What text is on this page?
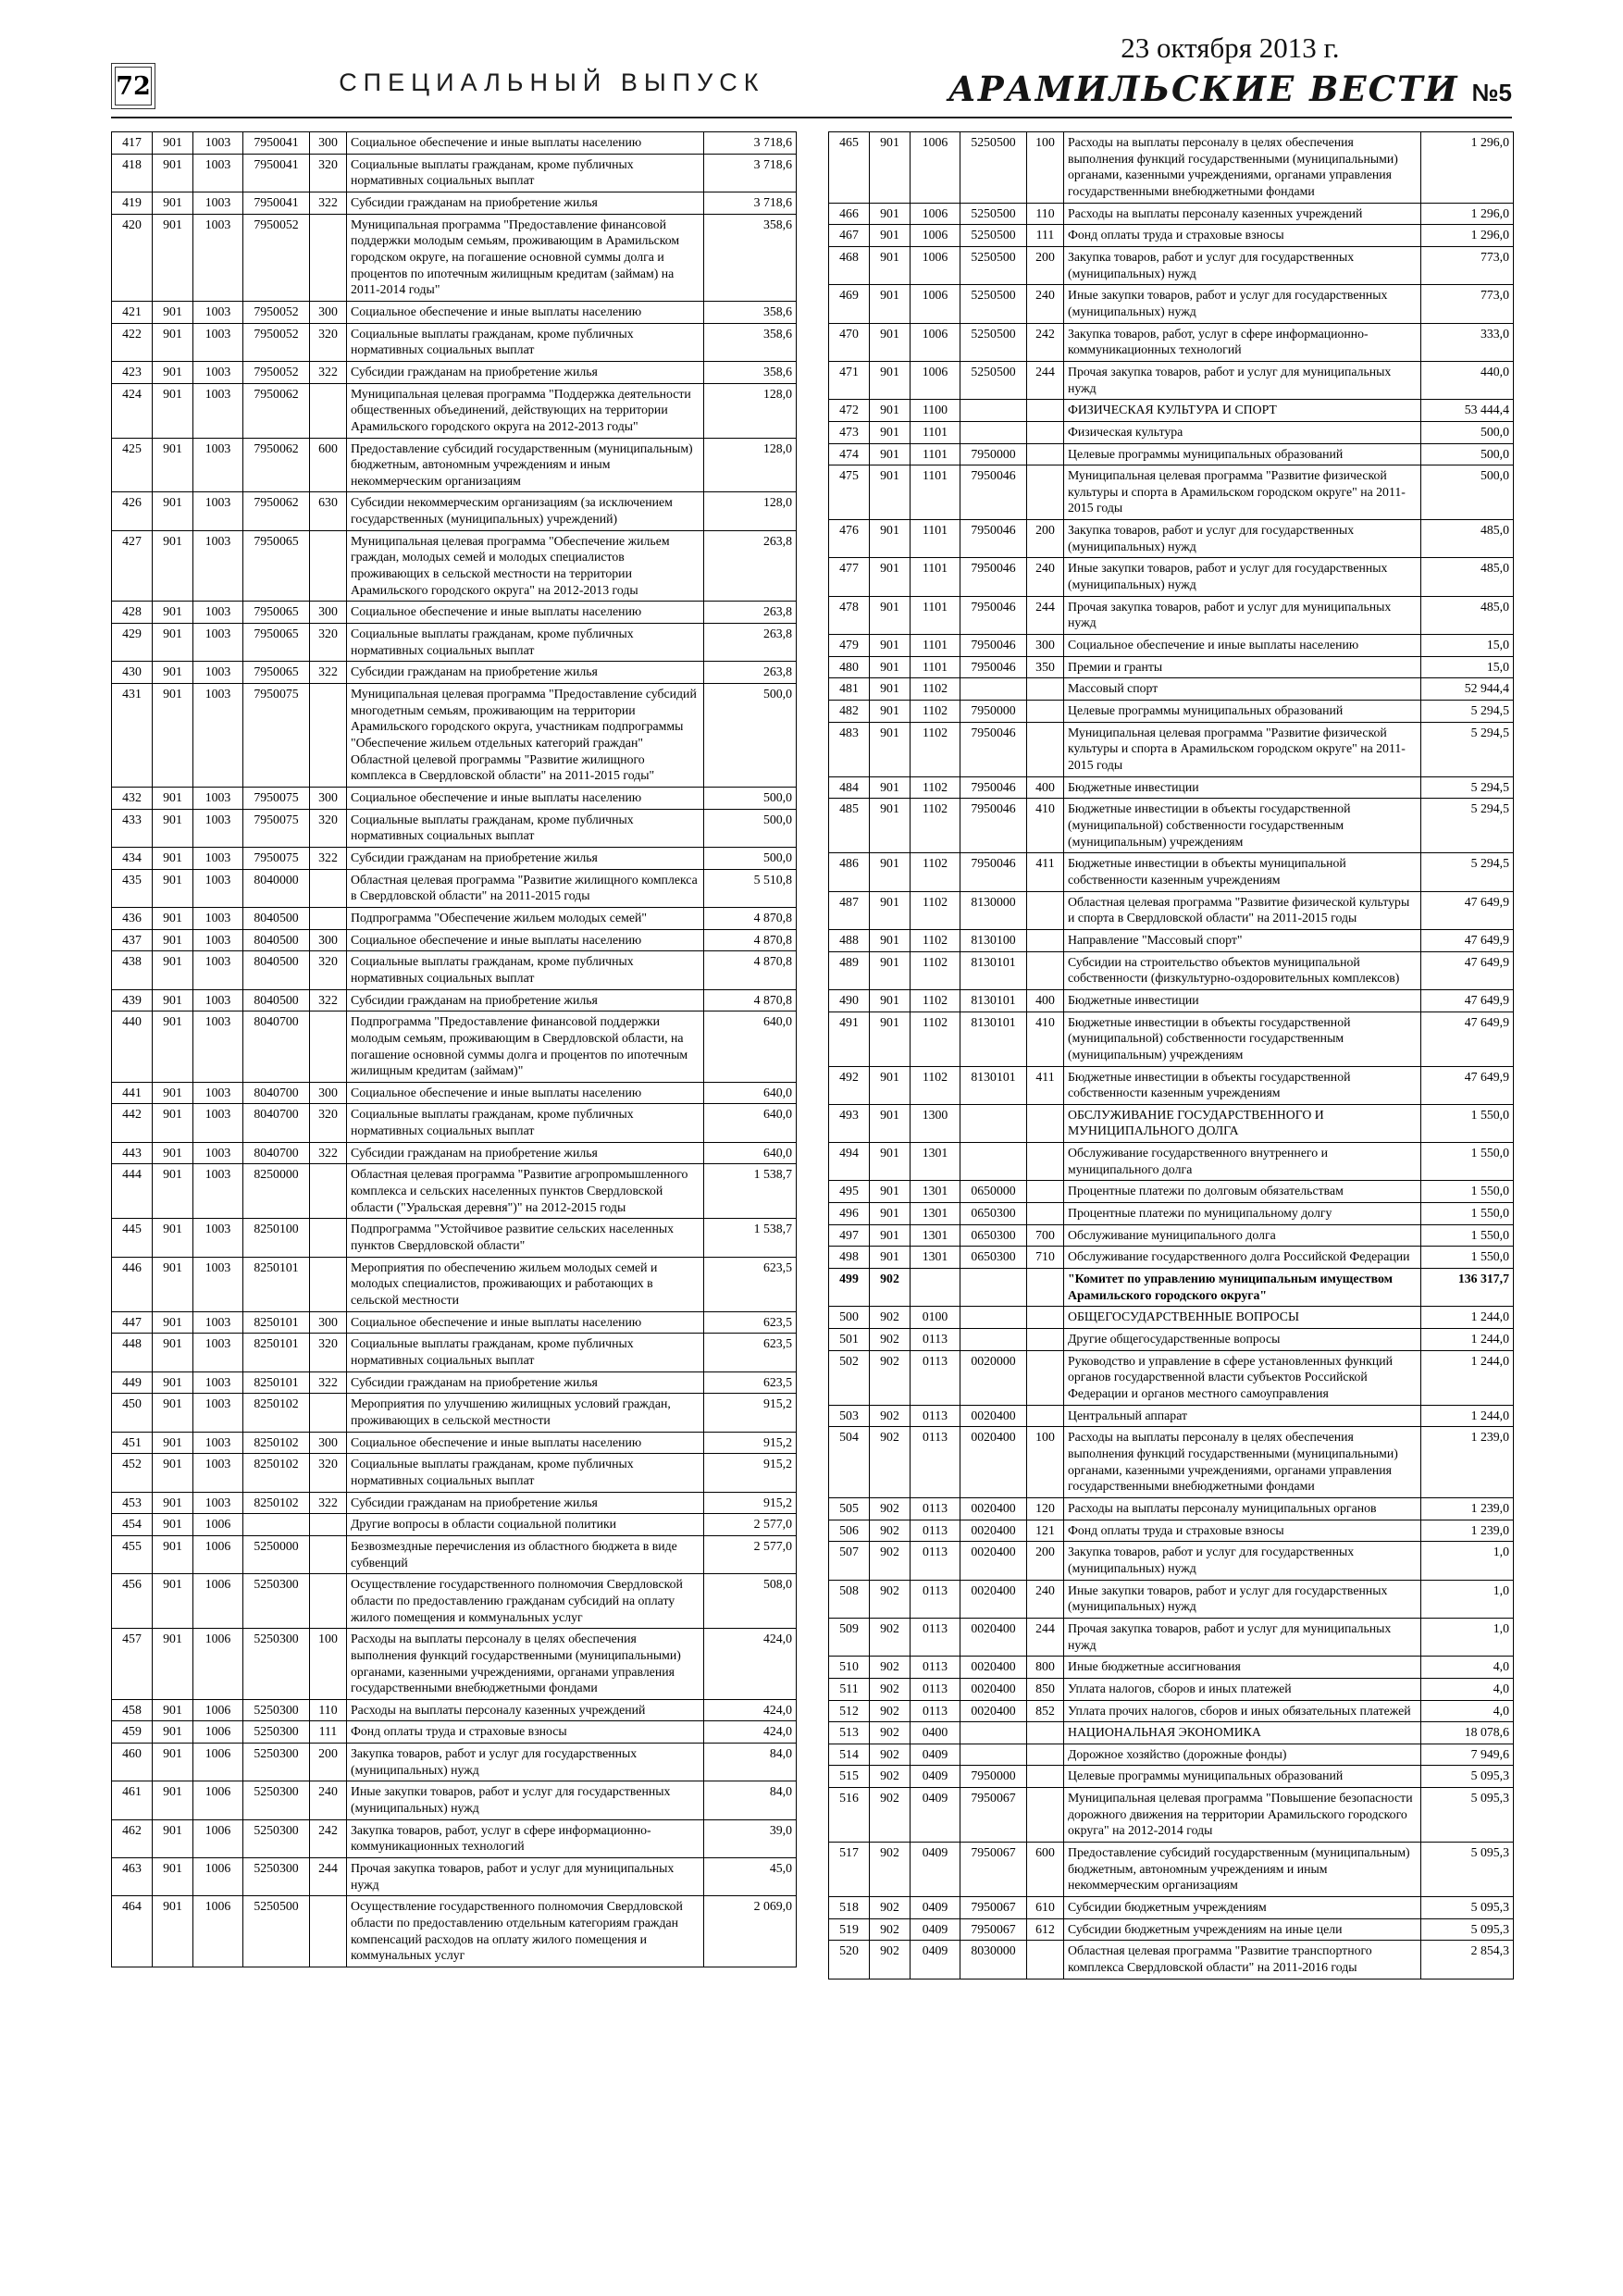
72	СПЕЦИАЛЬНЫЙ ВЫПУСК
23 октября 2013 г.
АРАМИЛЬСКИЕ ВЕСТИ №5
417	901	1003	7950041	300	Социальное обеспечение и иные выплаты населению	3 718,6
418	901	1003	7950041	320	Социальные выплаты гражданам, кроме публичных нормативных социальных выплат	3 718,6
419	901	1003	7950041	322	Субсидии гражданам на приобретение жилья	3 718,6
420	901	1003	7950052		Муниципальная программа "Предоставление финансовой поддержки молодым семьям, проживающим в Арамильском городском округе, на погашение основной суммы долга и процентов по ипотечным жилищным кредитам (займам) на 2011-2014 годы"	358,6
421	901	1003	7950052	300	Социальное обеспечение и иные выплаты населению	358,6
422	901	1003	7950052	320	Социальные выплаты гражданам, кроме публичных нормативных социальных выплат	358,6
423	901	1003	7950052	322	Субсидии гражданам на приобретение жилья	358,6
424	901	1003	7950062		Муниципальная целевая программа "Поддержка деятельности общественных объединений, действующих на территории Арамильского городского округа на 2012-2013 годы"	128,0
425	901	1003	7950062	600	Предоставление субсидий государственным (муниципальным) бюджетным, автономным учреждениям и иным некоммерческим организациям	128,0
426	901	1003	7950062	630	Субсидии некоммерческим организациям (за исключением государственных (муниципальных) учреждений)	128,0
427	901	1003	7950065		Муниципальная целевая программа "Обеспечение жильем граждан, молодых семей и молодых специалистов проживающих в сельской местности на территории Арамильского городского округа" на 2012-2013 годы	263,8
428	901	1003	7950065	300	Социальное обеспечение и иные выплаты населению	263,8
429	901	1003	7950065	320	Социальные выплаты гражданам, кроме публичных нормативных социальных выплат	263,8
430	901	1003	7950065	322	Субсидии гражданам на приобретение жилья	263,8
431	901	1003	7950075		Муниципальная целевая программа "Предоставление субсидий многодетным семьям, проживающим на территории Арамильского городского округа, участникам подпрограммы "Обеспечение жильем отдельных категорий граждан" Областной целевой программы "Развитие жилищного комплекса в Свердловской области" на 2011-2015 годы"	500,0
432	901	1003	7950075	300	Социальное обеспечение и иные выплаты населению	500,0
433	901	1003	7950075	320	Социальные выплаты гражданам, кроме публичных нормативных социальных выплат	500,0
434	901	1003	7950075	322	Субсидии гражданам на приобретение жилья	500,0
435	901	1003	8040000		Областная целевая программа "Развитие жилищного комплекса в Свердловской области" на 2011-2015 годы	5 510,8
436	901	1003	8040500		Подпрограмма "Обеспечение жильем молодых семей"	4 870,8
437	901	1003	8040500	300	Социальное обеспечение и иные выплаты населению	4 870,8
438	901	1003	8040500	320	Социальные выплаты гражданам, кроме публичных нормативных социальных выплат	4 870,8
439	901	1003	8040500	322	Субсидии гражданам на приобретение жилья	4 870,8
440	901	1003	8040700		Подпрограмма "Предоставление финансовой поддержки молодым семьям, проживающим в Свердловской области, на погашение основной суммы долга и процентов по ипотечным жилищным кредитам (займам)"	640,0
441	901	1003	8040700	300	Социальное обеспечение и иные выплаты населению	640,0
442	901	1003	8040700	320	Социальные выплаты гражданам, кроме публичных нормативных социальных выплат	640,0
443	901	1003	8040700	322	Субсидии гражданам на приобретение жилья	640,0
444	901	1003	8250000		Областная целевая программа "Развитие агропромышленного комплекса и сельских населенных пунктов Свердловской области ("Уральская деревня")" на 2012-2015 годы	1 538,7
445	901	1003	8250100		Подпрограмма "Устойчивое развитие сельских населенных пунктов Свердловской области"	1 538,7
446	901	1003	8250101		Мероприятия по обеспечению жильем молодых семей и молодых специалистов, проживающих и работающих в сельской местности	623,5
447	901	1003	8250101	300	Социальное обеспечение и иные выплаты населению	623,5
448	901	1003	8250101	320	Социальные выплаты гражданам, кроме публичных нормативных социальных выплат	623,5
449	901	1003	8250101	322	Субсидии гражданам на приобретение жилья	623,5
450	901	1003	8250102		Мероприятия по улучшению жилищных условий граждан, проживающих в сельской местности	915,2
451	901	1003	8250102	300	Социальное обеспечение и иные выплаты населению	915,2
452	901	1003	8250102	320	Социальные выплаты гражданам, кроме публичных нормативных социальных выплат	915,2
453	901	1003	8250102	322	Субсидии гражданам на приобретение жилья	915,2
454	901	1006			Другие вопросы в области социальной политики	2 577,0
455	901	1006	5250000		Безвозмездные перечисления из областного бюджета в виде субвенций	2 577,0
456	901	1006	5250300		Осуществление государственного полномочия Свердловской области по предоставлению гражданам субсидий на оплату жилого помещения и коммунальных услуг	508,0
457	901	1006	5250300	100	Расходы на выплаты персоналу в целях обеспечения выполнения функций государственными (муниципальными) органами, казенными учреждениями, органами управления государственными внебюджетными фондами	424,0
458	901	1006	5250300	110	Расходы на выплаты персоналу казенных учреждений	424,0
459	901	1006	5250300	111	Фонд оплаты труда и страховые взносы	424,0
460	901	1006	5250300	200	Закупка товаров, работ и услуг для государственных (муниципальных) нужд	84,0
461	901	1006	5250300	240	Иные закупки товаров, работ и услуг для государственных (муниципальных) нужд	84,0
462	901	1006	5250300	242	Закупка товаров, работ, услуг в сфере информационно-коммуникационных технологий	39,0
463	901	1006	5250300	244	Прочая закупка товаров, работ и услуг для муниципальных нужд	45,0
464	901	1006	5250500		Осуществление государственного полномочия Свердловской области по предоставлению отдельным категориям граждан компенсаций расходов на оплату жилого помещения и коммунальных услуг	2 069,0
465	901	1006	5250500	100	Расходы на выплаты персоналу в целях обеспечения выполнения функций государственными (муниципальными) органами, казенными учреждениями, органами управления государственными внебюджетными фондами	1 296,0
466	901	1006	5250500	110	Расходы на выплаты персоналу казенных учреждений	1 296,0
467	901	1006	5250500	111	Фонд оплаты труда и страховые взносы	1 296,0
468	901	1006	5250500	200	Закупка товаров, работ и услуг для государственных (муниципальных) нужд	773,0
469	901	1006	5250500	240	Иные закупки товаров, работ и услуг для государственных (муниципальных) нужд	773,0
470	901	1006	5250500	242	Закупка товаров, работ, услуг в сфере информационно-коммуникационных технологий	333,0
471	901	1006	5250500	244	Прочая закупка товаров, работ и услуг для муниципальных нужд	440,0
472	901	1100			ФИЗИЧЕСКАЯ КУЛЬТУРА И СПОРТ	53 444,4
473	901	1101			Физическая культура	500,0
474	901	1101	7950000		Целевые программы муниципальных образований	500,0
475	901	1101	7950046		Муниципальная целевая программа "Развитие физической культуры и спорта в Арамильском городском округе" на 2011-2015 годы	500,0
476	901	1101	7950046	200	Закупка товаров, работ и услуг для государственных (муниципальных) нужд	485,0
477	901	1101	7950046	240	Иные закупки товаров, работ и услуг для государственных (муниципальных) нужд	485,0
478	901	1101	7950046	244	Прочая закупка товаров, работ и услуг для муниципальных нужд	485,0
479	901	1101	7950046	300	Социальное обеспечение и иные выплаты населению	15,0
480	901	1101	7950046	350	Премии и гранты	15,0
481	901	1102			Массовый спорт	52 944,4
482	901	1102	7950000		Целевые программы муниципальных образований	5 294,5
483	901	1102	7950046		Муниципальная целевая программа "Развитие физической культуры и спорта в Арамильском городском округе" на 2011-2015 годы	5 294,5
484	901	1102	7950046	400	Бюджетные инвестиции	5 294,5
485	901	1102	7950046	410	Бюджетные инвестиции в объекты государственной (муниципальной) собственности государственным (муниципальным) учреждениям	5 294,5
486	901	1102	7950046	411	Бюджетные инвестиции в объекты муниципальной собственности казенным учреждениям	5 294,5
487	901	1102	8130000		Областная целевая программа "Развитие физической культуры и спорта в Свердловской области" на 2011-2015 годы	47 649,9
488	901	1102	8130100		Направление "Массовый спорт"	47 649,9
489	901	1102	8130101		Субсидии на строительство объектов муниципальной собственности (физкультурно-оздоровительных комплексов)	47 649,9
490	901	1102	8130101	400	Бюджетные инвестиции	47 649,9
491	901	1102	8130101	410	Бюджетные инвестиции в объекты государственной (муниципальной) собственности государственным (муниципальным) учреждениям	47 649,9
492	901	1102	8130101	411	Бюджетные инвестиции в объекты государственной собственности казенным учреждениям	47 649,9
493	901	1300			ОБСЛУЖИВАНИЕ ГОСУДАРСТВЕННОГО И МУНИЦИПАЛЬНОГО ДОЛГА	1 550,0
494	901	1301			Обслуживание государственного внутреннего и муниципального долга	1 550,0
495	901	1301	0650000		Процентные платежи по долговым обязательствам	1 550,0
496	901	1301	0650300		Процентные платежи по муниципальному долгу	1 550,0
497	901	1301	0650300	700	Обслуживание муниципального долга	1 550,0
498	901	1301	0650300	710	Обслуживание государственного долга Российской Федерации	1 550,0
499	902				"Комитет по управлению муниципальным имуществом Арамильского городского округа"	136 317,7
500	902	0100			ОБЩЕГОСУДАРСТВЕННЫЕ ВОПРОСЫ	1 244,0
501	902	0113			Другие общегосударственные вопросы	1 244,0
502	902	0113	0020000		Руководство и управление в сфере установленных функций органов государственной власти субъектов Российской Федерации и органов местного самоуправления	1 244,0
503	902	0113	0020400		Центральный аппарат	1 244,0
504	902	0113	0020400	100	Расходы на выплаты персоналу в целях обеспечения выполнения функций государственными (муниципальными) органами, казенными учреждениями, органами управления государственными внебюджетными фондами	1 239,0
505	902	0113	0020400	120	Расходы на выплаты персоналу муниципальных органов	1 239,0
506	902	0113	0020400	121	Фонд оплаты труда и страховые взносы	1 239,0
507	902	0113	0020400	200	Закупка товаров, работ и услуг для государственных (муниципальных) нужд	1,0
508	902	0113	0020400	240	Иные закупки товаров, работ и услуг для государственных (муниципальных) нужд	1,0
509	902	0113	0020400	244	Прочая закупка товаров, работ и услуг для муниципальных нужд	1,0
510	902	0113	0020400	800	Иные бюджетные ассигнования	4,0
511	902	0113	0020400	850	Уплата налогов, сборов и иных платежей	4,0
512	902	0113	0020400	852	Уплата прочих налогов, сборов и иных обязательных платежей	4,0
513	902	0400			НАЦИОНАЛЬНАЯ ЭКОНОМИКА	18 078,6
514	902	0409			Дорожное хозяйство (дорожные фонды)	7 949,6
515	902	0409	7950000		Целевые программы муниципальных образований	5 095,3
516	902	0409	7950067		Муниципальная целевая программа "Повышение безопасности дорожного движения на территории Арамильского городского округа" на 2012-2014 годы	5 095,3
517	902	0409	7950067	600	Предоставление субсидий государственным (муниципальным) бюджетным, автономным учреждениям и иным некоммерческим организациям	5 095,3
518	902	0409	7950067	610	Субсидии бюджетным учреждениям	5 095,3
519	902	0409	7950067	612	Субсидии бюджетным учреждениям на иные цели	5 095,3
520	902	0409	8030000		Областная целевая программа "Развитие транспортного комплекса Свердловской области" на 2011-2016 годы	2 854,3
